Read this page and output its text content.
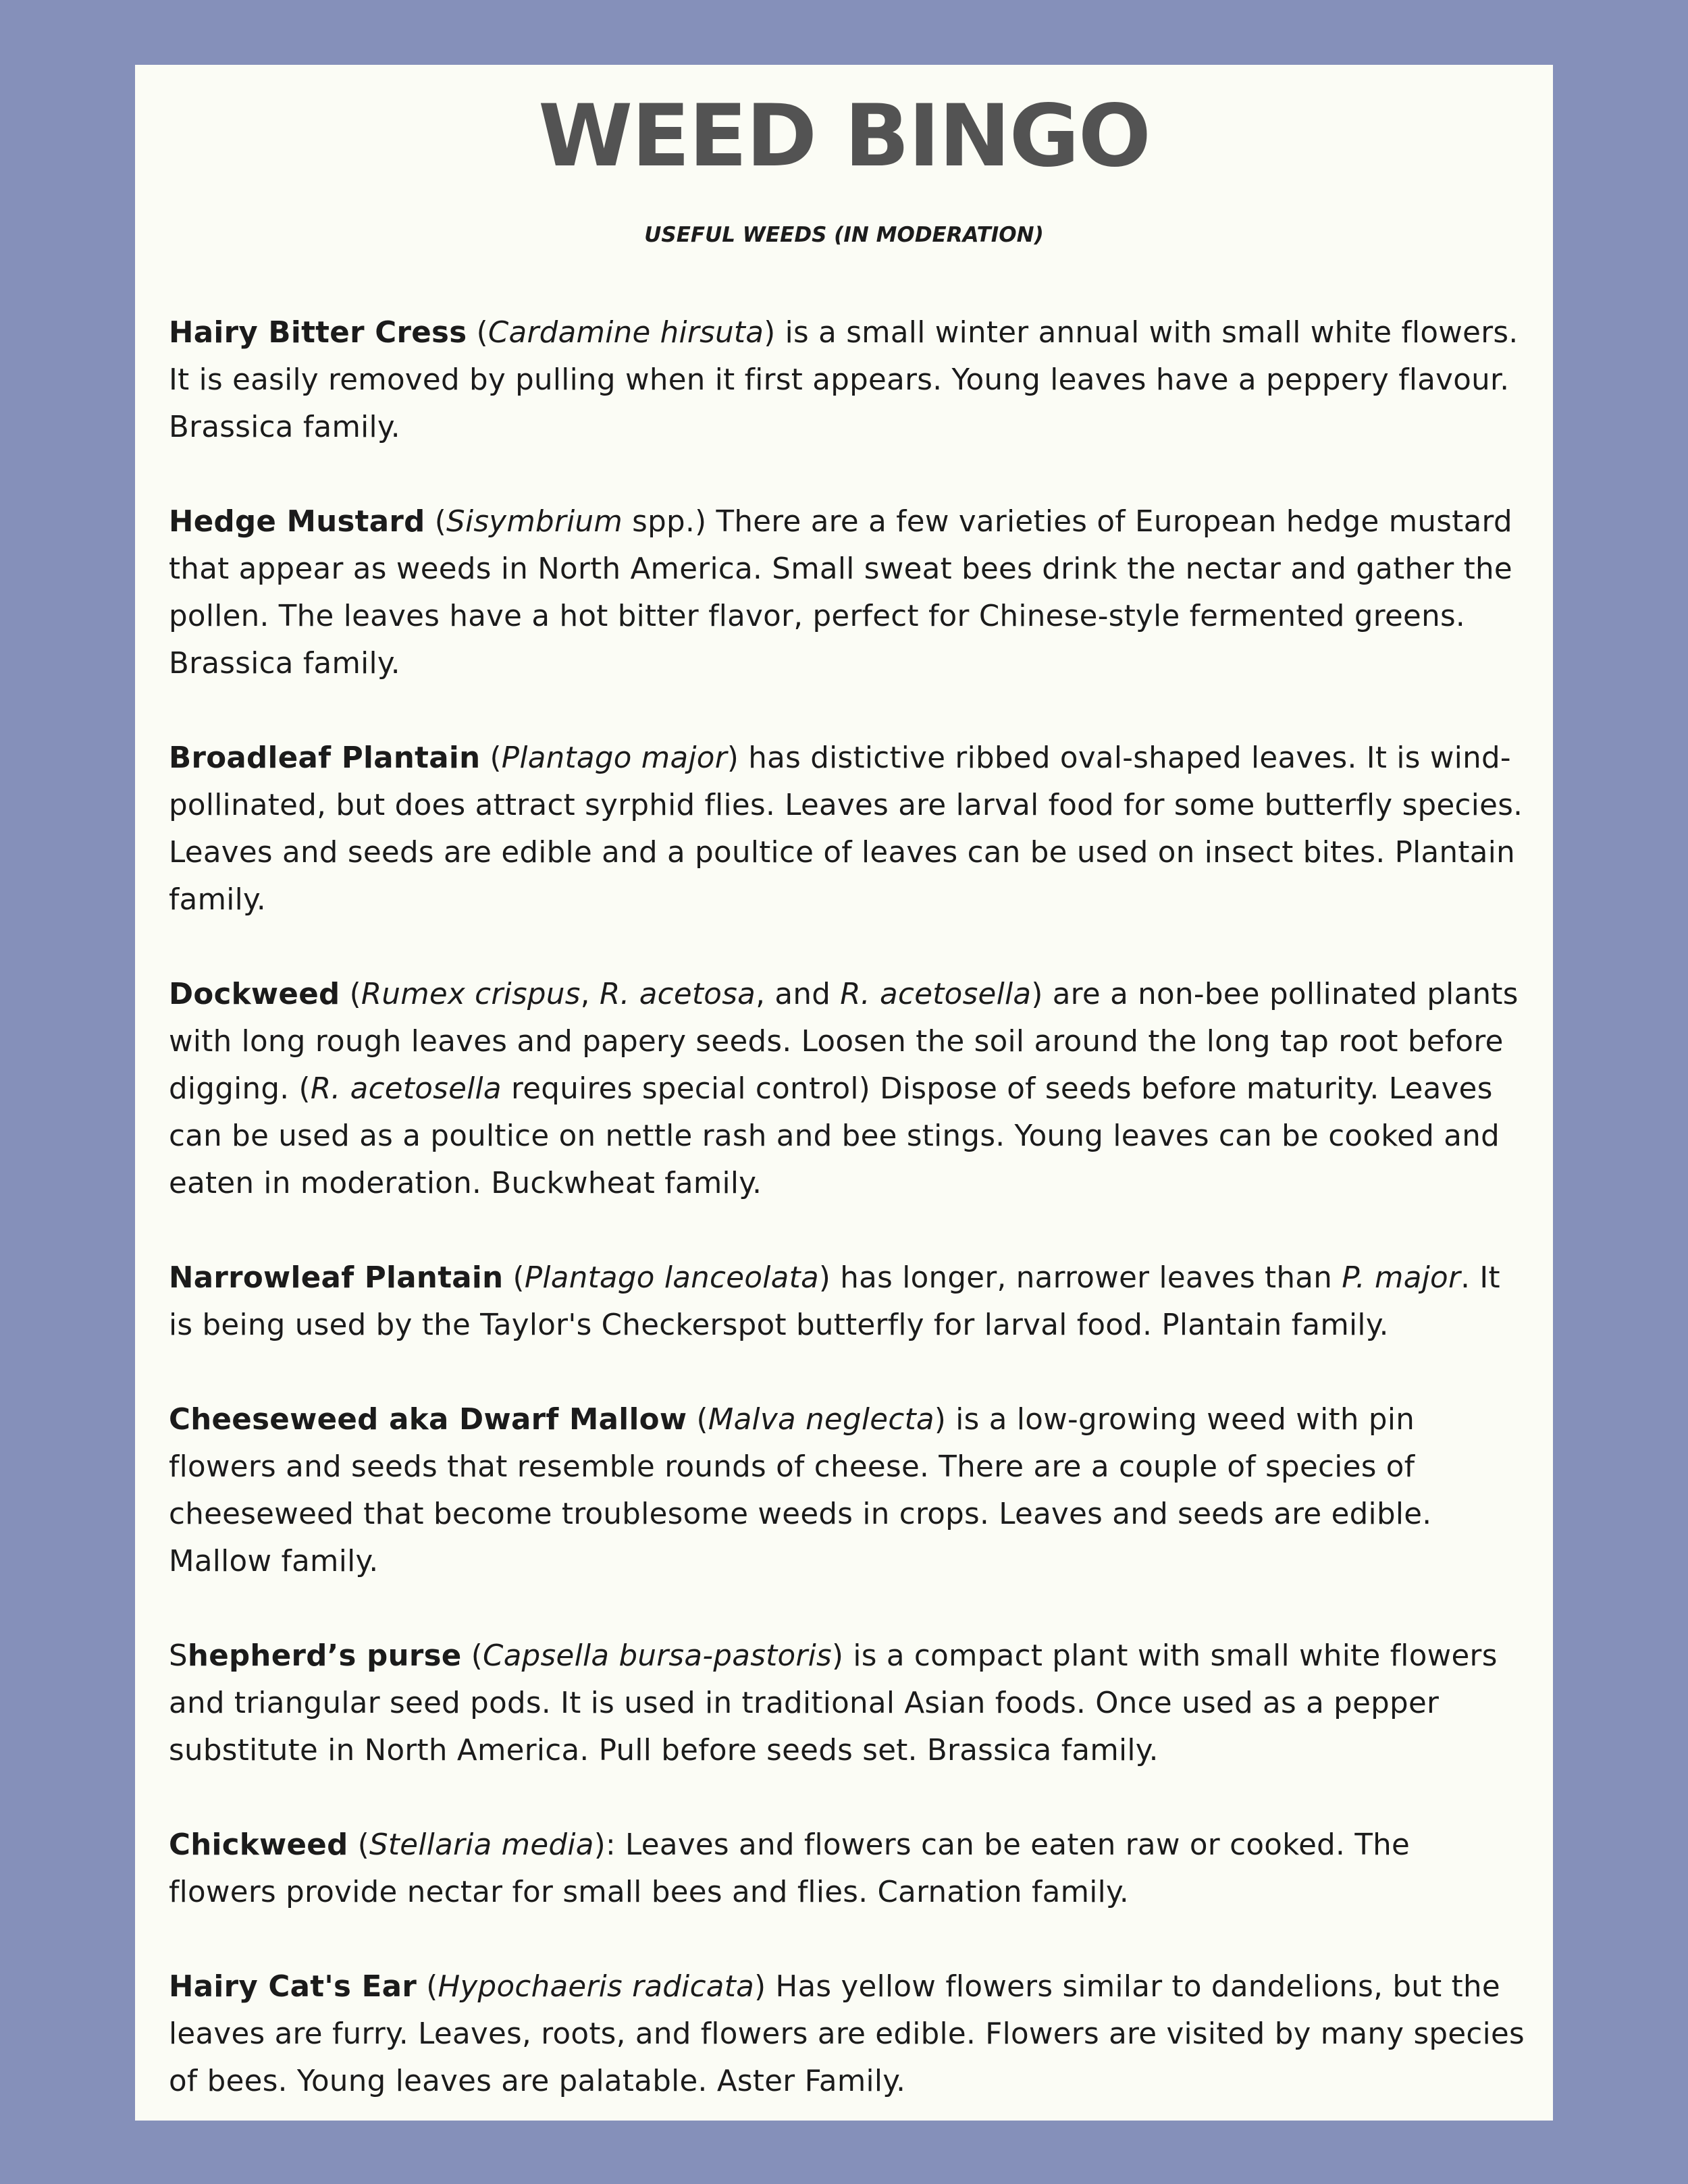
WEED BINGO
USEFUL WEEDS (IN MODERATION)

Hairy Bitter Cress (Cardamine hirsuta) is a small winter annual with small white flowers. It is easily removed by pulling when it first appears. Young leaves have a peppery flavour. Brassica family.

Hedge Mustard (Sisymbrium spp.) There are a few varieties of European hedge mustard that appear as weeds in North America. Small sweat bees drink the nectar and gather the pollen. The leaves have a hot bitter flavor, perfect for Chinese-style fermented greens. Brassica family.

Broadleaf Plantain (Plantago major) has distictive ribbed oval-shaped leaves. It is wind-pollinated, but does attract syrphid flies. Leaves are larval food for some butterfly species. Leaves and seeds are edible and a poultice of leaves can be used on insect bites. Plantain family.

Dockweed (Rumex crispus, R. acetosa, and R. acetosella) are a non-bee pollinated plants with long rough leaves and papery seeds. Loosen the soil around the long tap root before digging. (R. acetosella requires special control) Dispose of seeds before maturity. Leaves can be used as a poultice on nettle rash and bee stings. Young leaves can be cooked and eaten in moderation. Buckwheat family.

Narrowleaf Plantain (Plantago lanceolata) has longer, narrower leaves than P. major. It is being used by the Taylor's Checkerspot butterfly for larval food. Plantain family.

Cheeseweed aka Dwarf Mallow (Malva neglecta) is a low-growing weed with pin flowers and seeds that resemble rounds of cheese. There are a couple of species of cheeseweed that become troublesome weeds in crops. Leaves and seeds are edible. Mallow family.

Shepherd’s purse (Capsella bursa-pastoris) is a compact plant with small white flowers and triangular seed pods. It is used in traditional Asian foods. Once used as a pepper substitute in North America. Pull before seeds set. Brassica family.

Chickweed (Stellaria media): Leaves and flowers can be eaten raw or cooked. The flowers provide nectar for small bees and flies. Carnation family.

Hairy Cat's Ear (Hypochaeris radicata) Has yellow flowers similar to dandelions, but the leaves are furry. Leaves, roots, and flowers are edible. Flowers are visited by many species of bees. Young leaves are palatable. Aster Family.
